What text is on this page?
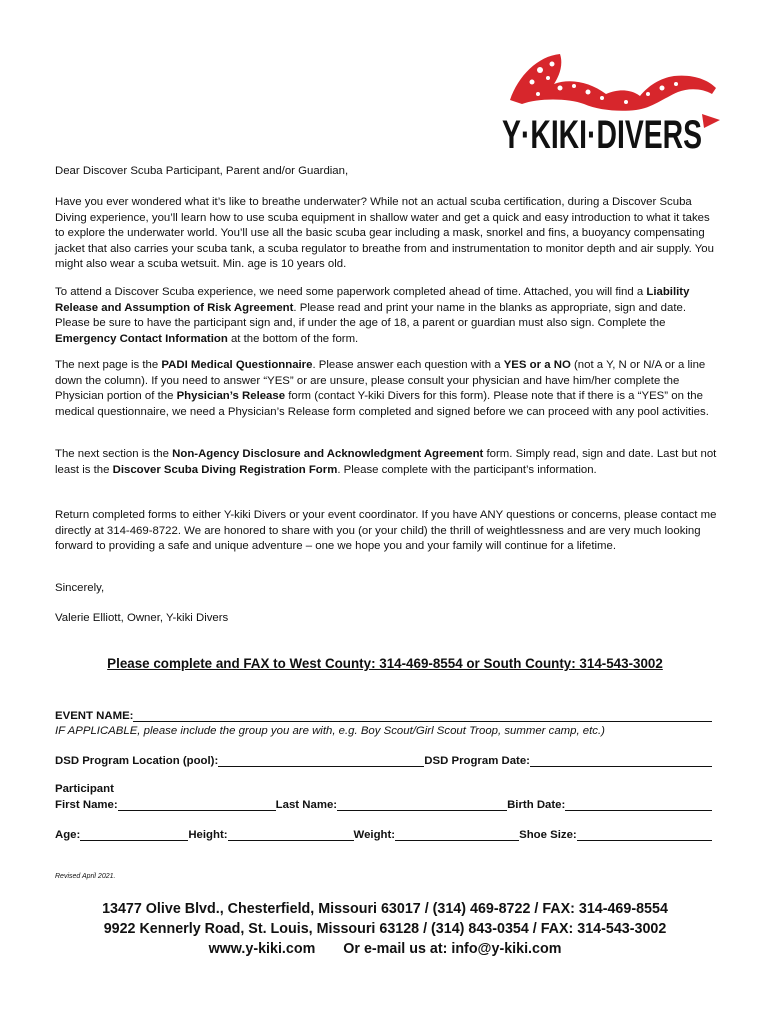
Y·KIKI·DIVERS

Dear Discover Scuba Participant, Parent and/or Guardian,

Have you ever wondered what it’s like to breathe underwater? While not an actual scuba certification, during a Discover Scuba Diving experience, you’ll learn how to use scuba equipment in shallow water and get a quick and easy introduction to what it takes to explore the underwater world. You’ll use all the basic scuba gear including a mask, snorkel and fins, a buoyancy compensating jacket that also carries your scuba tank, a scuba regulator to breathe from and instrumentation to monitor depth and air supply. You might also wear a scuba wetsuit. Min. age is 10 years old.

To attend a Discover Scuba experience, we need some paperwork completed ahead of time. Attached, you will find a Liability Release and Assumption of Risk Agreement. Please read and print your name in the blanks as appropriate, sign and date. Please be sure to have the participant sign and, if under the age of 18, a parent or guardian must also sign. Complete the Emergency Contact Information at the bottom of the form.

The next page is the PADI Medical Questionnaire. Please answer each question with a YES or a NO (not a Y, N or N/A or a line down the column). If you need to answer “YES” or are unsure, please consult your physician and have him/her complete the Physician portion of the Physician’s Release form (contact Y-kiki Divers for this form). Please note that if there is a “YES” on the medical questionnaire, we need a Physician’s Release form completed and signed before we can proceed with any pool activities.

The next section is the Non-Agency Disclosure and Acknowledgment Agreement form. Simply read, sign and date. Last but not least is the Discover Scuba Diving Registration Form. Please complete with the participant’s information.

Return completed forms to either Y-kiki Divers or your event coordinator. If you have ANY questions or concerns, please contact me directly at 314-469-8722. We are honored to share with you (or your child) the thrill of weightlessness and are very much looking forward to providing a safe and unique adventure – one we hope you and your family will continue for a lifetime.

Sincerely,

Valerie Elliott, Owner, Y-kiki Divers

Please complete and FAX to West County: 314-469-8554 or South County: 314-543-3002
EVENT NAME:
IF APPLICABLE, please include the group you are with, e.g. Boy Scout/Girl Scout Troop, summer camp, etc.)
DSD Program Location (pool):	DSD Program Date:
Participant
First Name:	Last Name:	Birth Date:
Age:	Height:	Weight:	Shoe Size:
Revised April 2021.
13477 Olive Blvd., Chesterfield, Missouri 63017 / (314) 469-8722 / FAX: 314-469-8554
9922 Kennerly Road, St. Louis, Missouri 63128 / (314) 843-0354 / FAX: 314-543-3002
www.y-kiki.com Or e-mail us at: info@y-kiki.com
